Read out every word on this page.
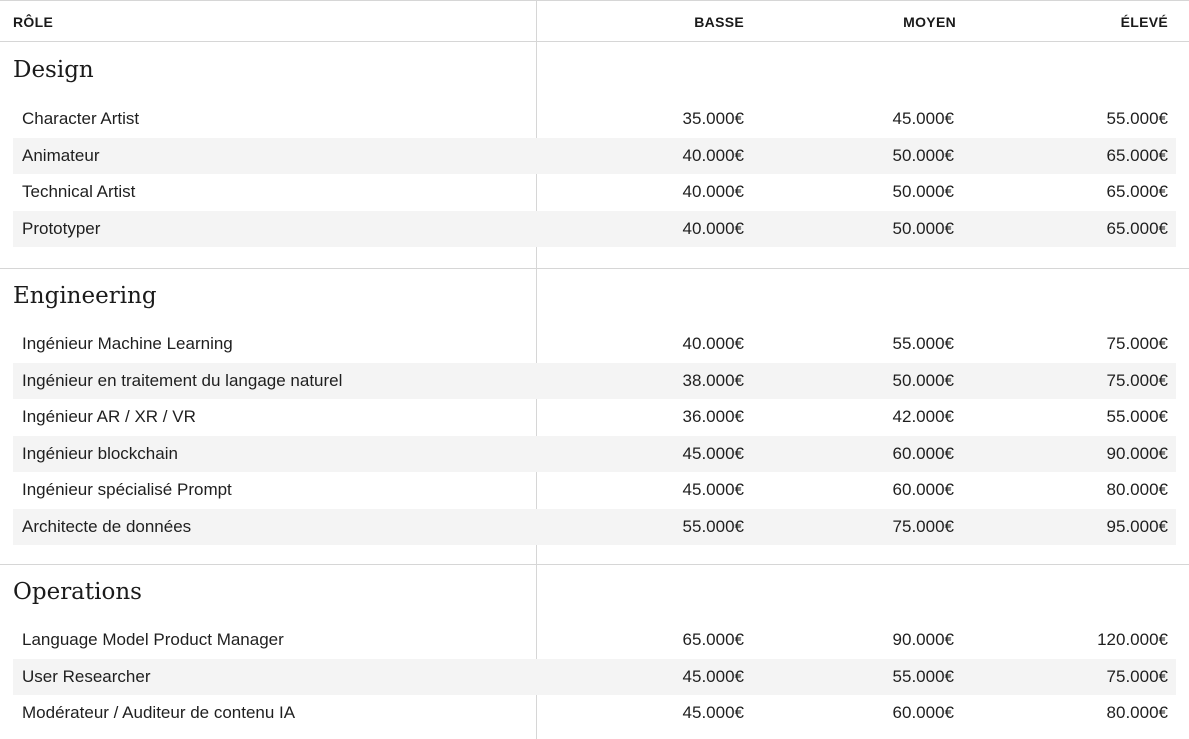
RÔLE	BASSE	MOYEN	ÉLEVÉ
Design
Character Artist	35.000€	45.000€	55.000€
Animateur	40.000€	50.000€	65.000€
Technical Artist	40.000€	50.000€	65.000€
Prototyper	40.000€	50.000€	65.000€
Engineering
Ingénieur Machine Learning	40.000€	55.000€	75.000€
Ingénieur en traitement du langage naturel	38.000€	50.000€	75.000€
Ingénieur AR / XR / VR	36.000€	42.000€	55.000€
Ingénieur blockchain	45.000€	60.000€	90.000€
Ingénieur spécialisé Prompt	45.000€	60.000€	80.000€
Architecte de données	55.000€	75.000€	95.000€
Operations
Language Model Product Manager	65.000€	90.000€	120.000€
User Researcher	45.000€	55.000€	75.000€
Modérateur / Auditeur de contenu IA	45.000€	60.000€	80.000€
